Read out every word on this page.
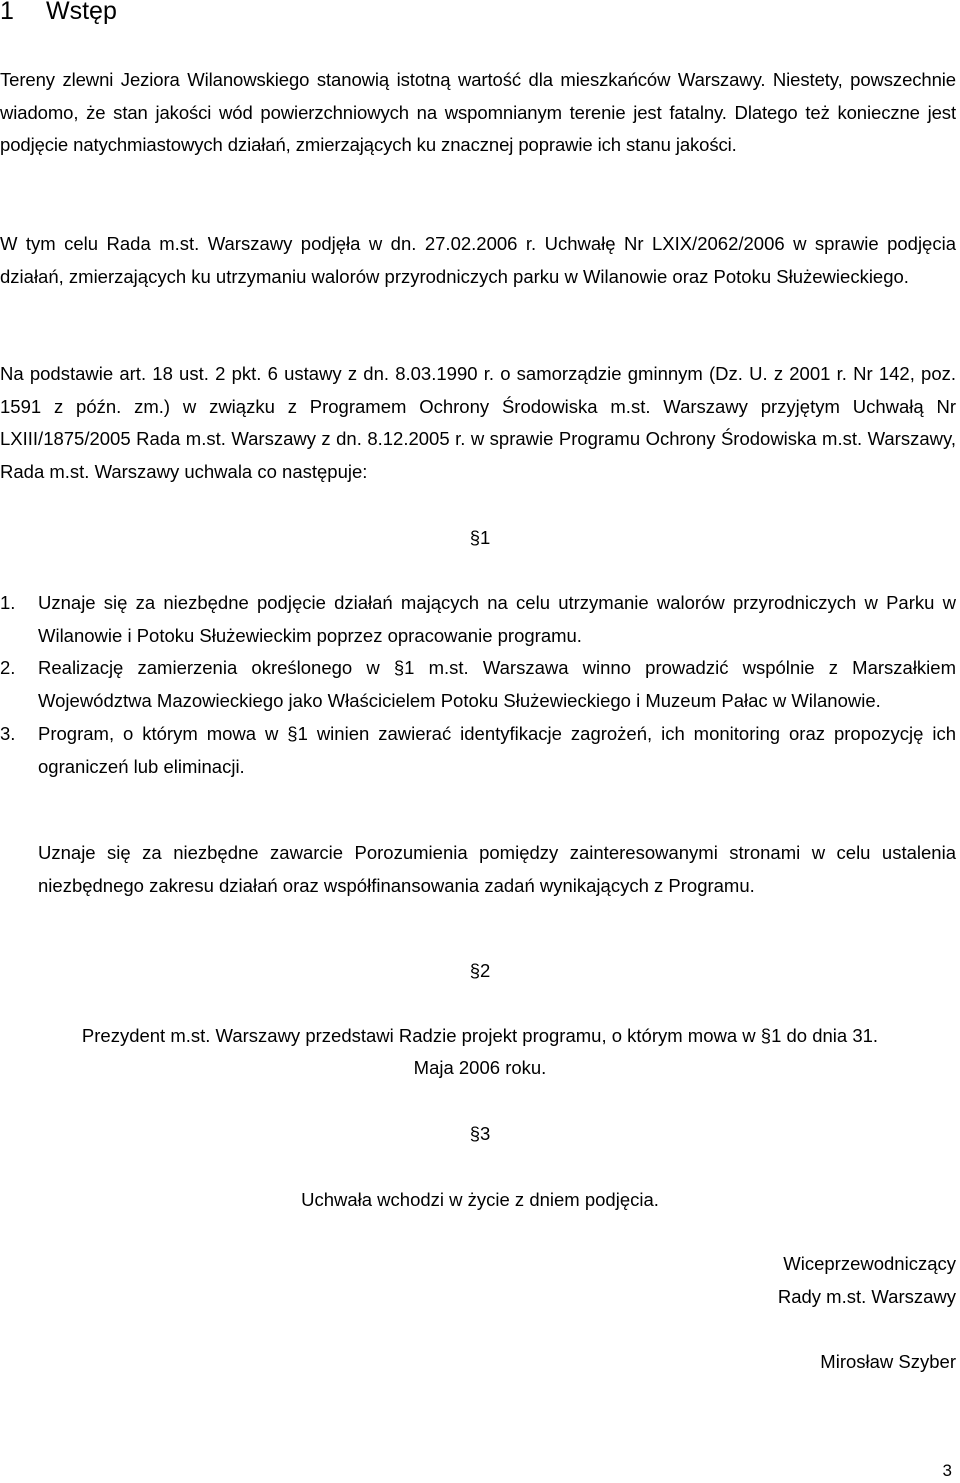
1 Wstęp

Tereny zlewni Jeziora Wilanowskiego stanowią istotną wartość dla mieszkańców Warszawy. Niestety, powszechnie wiadomo, że stan jakości wód powierzchniowych na wspomnianym terenie jest fatalny. Dlatego też konieczne jest podjęcie natychmiastowych działań, zmierzających ku znacznej poprawie ich stanu jakości.

W tym celu Rada m.st. Warszawy podjęła w dn. 27.02.2006 r. Uchwałę Nr LXIX/2062/2006 w sprawie podjęcia działań, zmierzających ku utrzymaniu walorów przyrodniczych parku w Wilanowie oraz Potoku Służewieckiego.

Na podstawie art. 18 ust. 2 pkt. 6 ustawy z dn. 8.03.1990 r. o samorządzie gminnym (Dz. U. z 2001 r. Nr 142, poz. 1591 z późn. zm.) w związku z Programem Ochrony Środowiska m.st. Warszawy przyjętym Uchwałą Nr LXIII/1875/2005 Rada m.st. Warszawy z dn. 8.12.2005 r. w sprawie Programu Ochrony Środowiska m.st. Warszawy, Rada m.st. Warszawy uchwala co następuje:

§1

1. Uznaje się za niezbędne podjęcie działań mających na celu utrzymanie walorów przyrodniczych w Parku w Wilanowie i Potoku Służewieckim poprzez opracowanie programu.
2. Realizację zamierzenia określonego w §1 m.st. Warszawa winno prowadzić wspólnie z Marszałkiem Województwa Mazowieckiego jako Właścicielem Potoku Służewieckiego i Muzeum Pałac w Wilanowie.
3. Program, o którym mowa w §1 winien zawierać identyfikacje zagrożeń, ich monitoring oraz propozycję ich ograniczeń lub eliminacji.

Uznaje się za niezbędne zawarcie Porozumienia pomiędzy zainteresowanymi stronami w celu ustalenia niezbędnego zakresu działań oraz współfinansowania zadań wynikających z Programu.

§2

Prezydent m.st. Warszawy przedstawi Radzie projekt programu, o którym mowa w §1 do dnia 31.

Maja 2006 roku.

§3

Uchwała wchodzi w życie z dniem podjęcia.

Wiceprzewodniczący

Rady m.st. Warszawy

Mirosław Szyber

3
